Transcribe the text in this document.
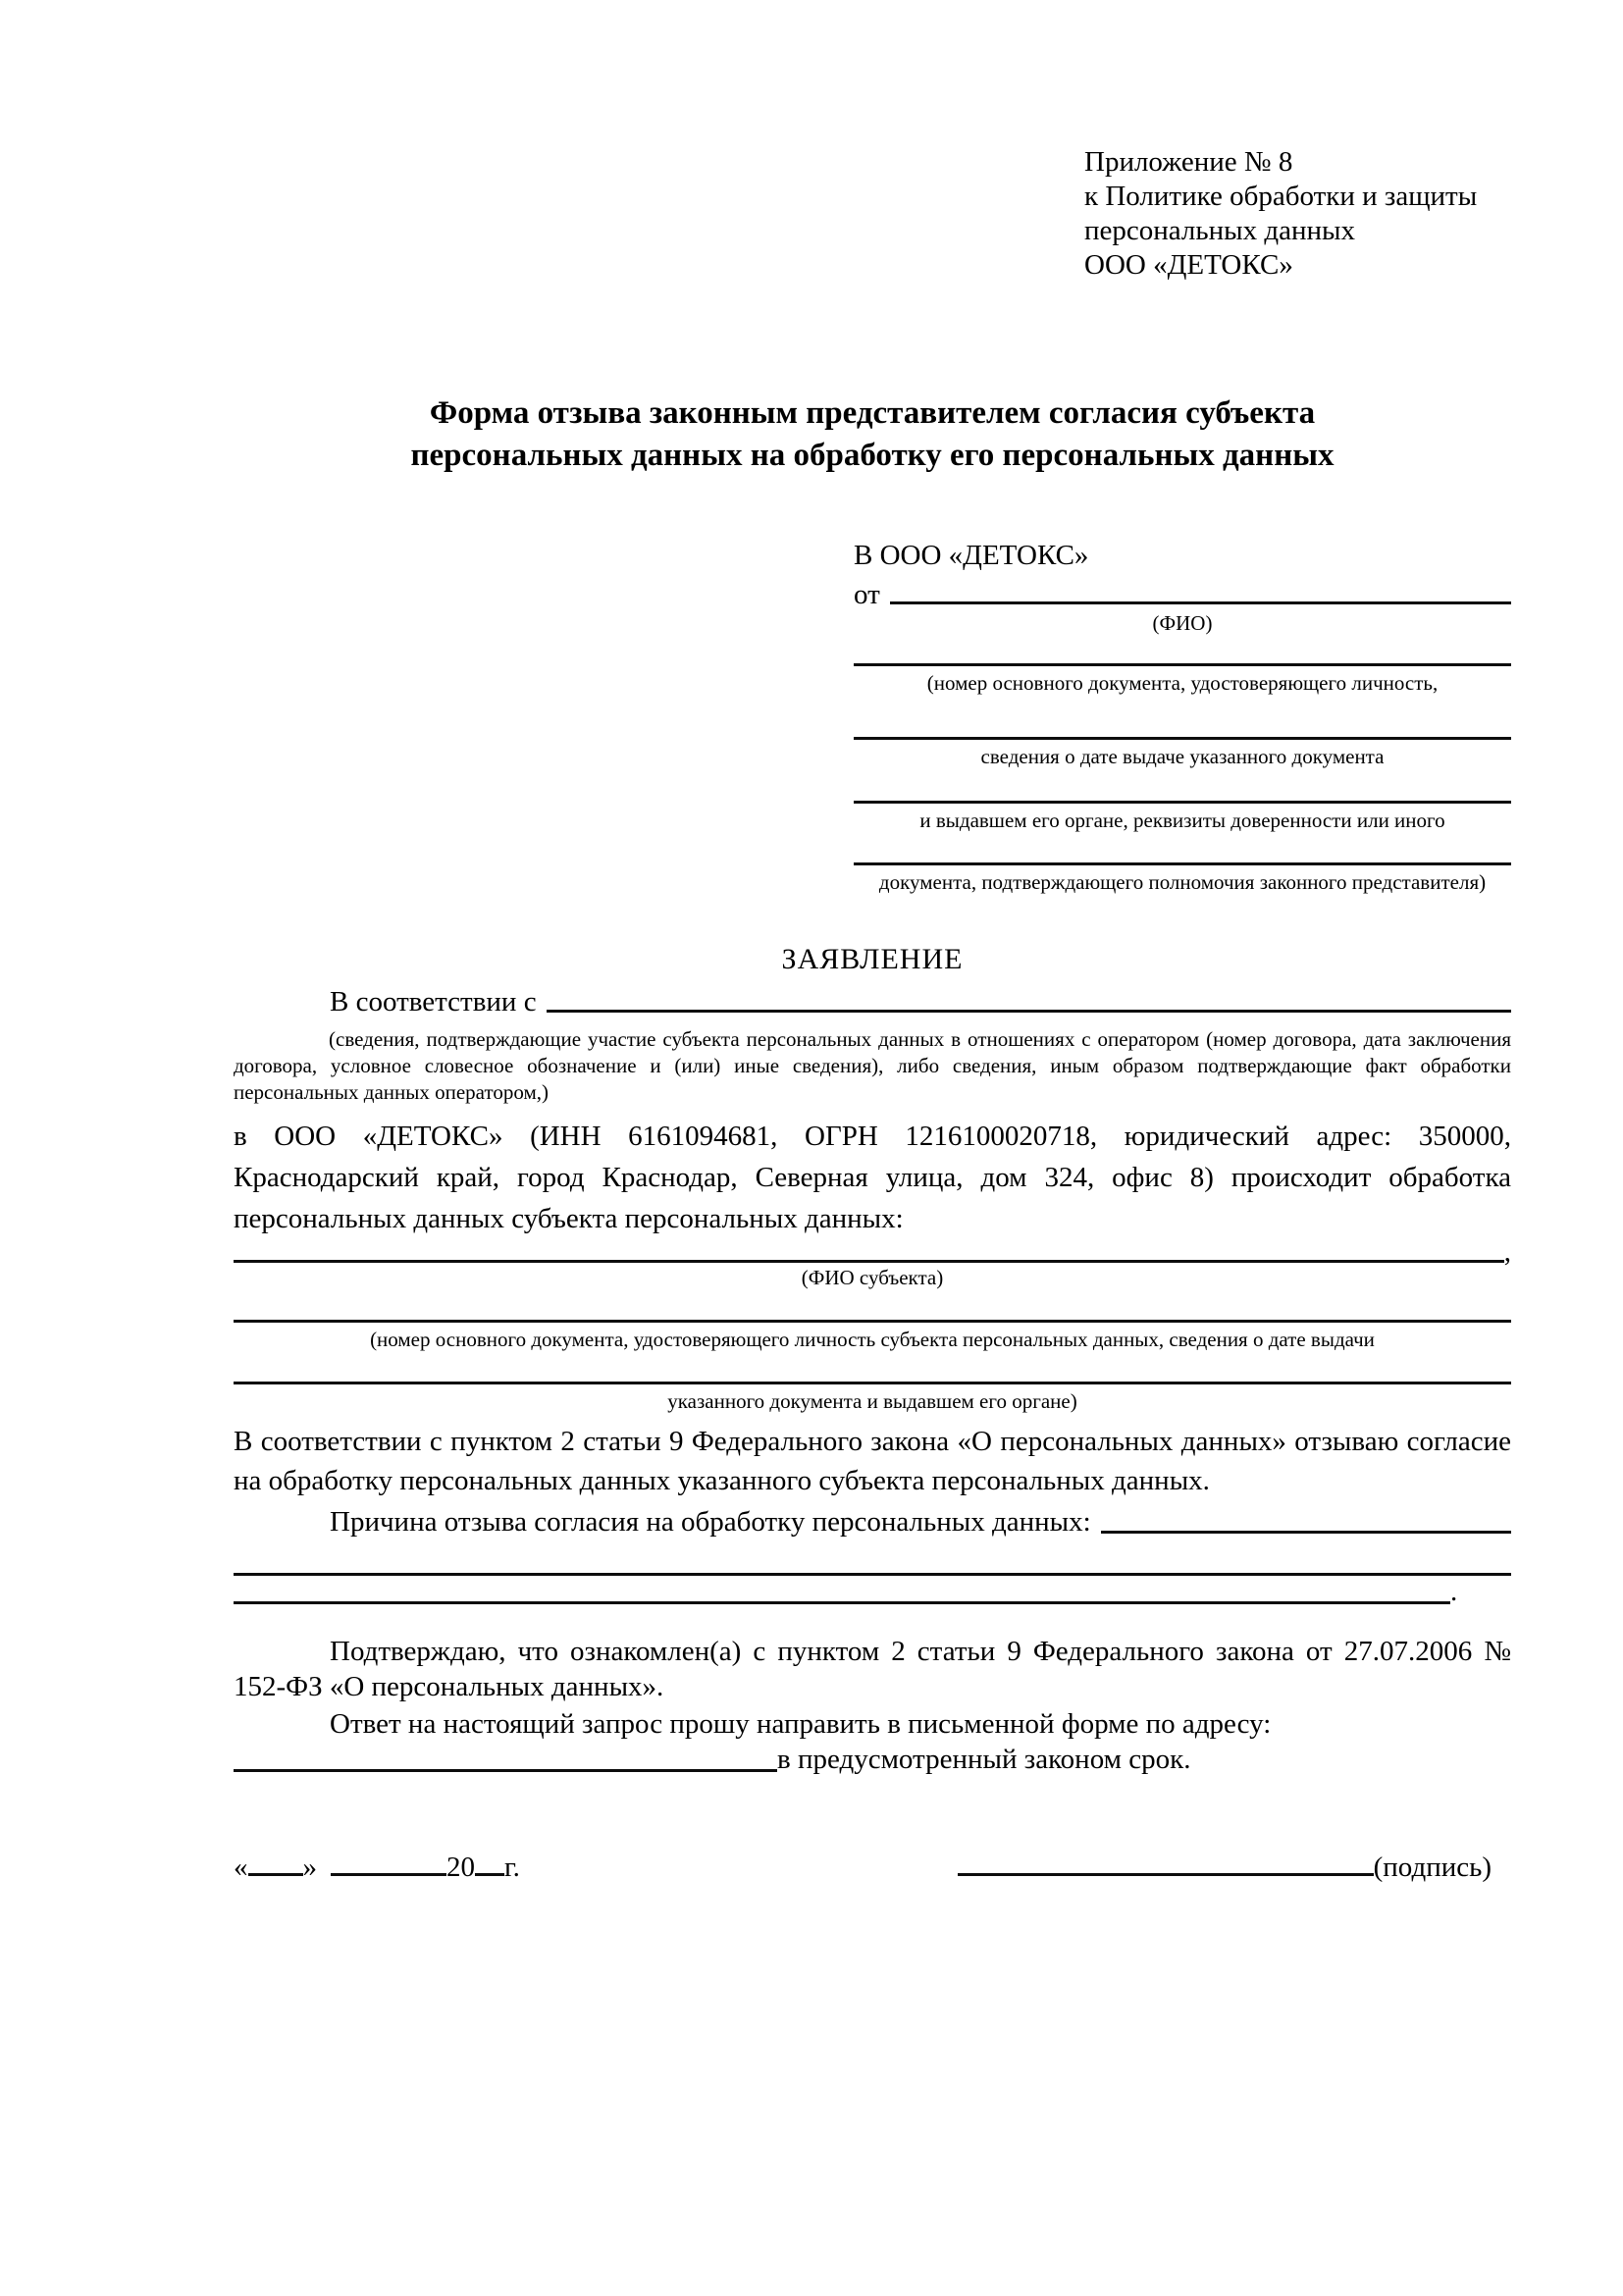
Приложение № 8
к Политике обработки и защиты
персональных данных
ООО «ДЕТОКС»
Форма отзыва законным представителем согласия субъекта
персональных данных на обработку его персональных данных
В ООО «ДЕТОКС»
от
(ФИО)
(номер основного документа, удостоверяющего личность,
сведения о дате выдаче указанного документа
и выдавшем его органе, реквизиты доверенности или иного
документа, подтверждающего полномочия законного представителя)
ЗАЯВЛЕНИЕ
В соответствии с

(сведения, подтверждающие участие субъекта персональных данных в отношениях с оператором (номер договора, дата заключения договора, условное словесное обозначение и (или) иные сведения), либо сведения, иным образом подтверждающие факт обработки персональных данных оператором,)

в ООО «ДЕТОКС» (ИНН 6161094681, ОГРН 1216100020718, юридический адрес: 350000, Краснодарский край, город Краснодар, Северная улица, дом 324, офис 8) происходит обработка персональных данных субъекта персональных данных:

,
(ФИО субъекта)
(номер основного документа, удостоверяющего личность субъекта персональных данных, сведения о дате выдачи
указанного документа и выдавшем его органе)

В соответствии с пунктом 2 статьи 9 Федерального закона «О персональных данных» отзываю согласие на обработку персональных данных указанного субъекта персональных данных.

Причина отзыва согласия на обработку персональных данных:
.

Подтверждаю, что ознакомлен(а) с пунктом 2 статьи 9 Федерального закона от 27.07.2006 № 152-ФЗ «О персональных данных».

Ответ на настоящий запрос прошу направить в письменной форме по адресу:

в предусмотренный законом срок.
« »	20 г.	(подпись)
